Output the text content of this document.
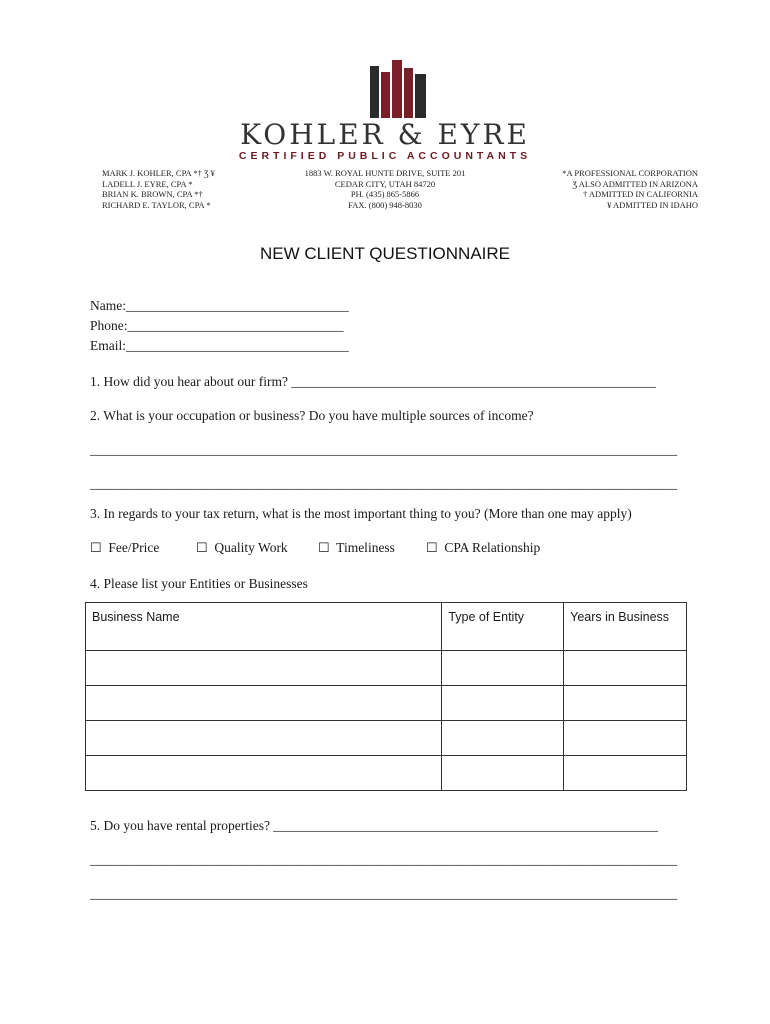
KOHLER & EYRE
CERTIFIED PUBLIC ACCOUNTANTS
MARK J. KOHLER, CPA *† Ʒ ¥
LADELL J. EYRE, CPA *
BRIAN K. BROWN, CPA *†
RICHARD E. TAYLOR, CPA *
1883 W. ROYAL HUNTE DRIVE, SUITE 201
CEDAR CITY, UTAH 84720
PH. (435) 865-5866
FAX. (800) 948-8030
*A PROFESSIONAL CORPORATION
Ʒ ALSO ADMITTED IN ARIZONA
† ADMITTED IN CALIFORNIA
¥ ADMITTED IN IDAHO
NEW CLIENT QUESTIONNAIRE
Name:_________________________________
Phone:________________________________
Email:_________________________________
1. How did you hear about our firm? ______________________________________________________
2. What is your occupation or business? Do you have multiple sources of income?
_______________________________________________________________________________________
_______________________________________________________________________________________
3. In regards to your tax return, what is the most important thing to you? (More than one may apply)
☐ Fee/Price	☐ Quality Work ☐ Timeliness ☐ CPA Relationship
4. Please list your Entities or Businesses
Business Name	Type of Entity	Years in Business

5. Do you have rental properties? _________________________________________________________
_______________________________________________________________________________________
_______________________________________________________________________________________
